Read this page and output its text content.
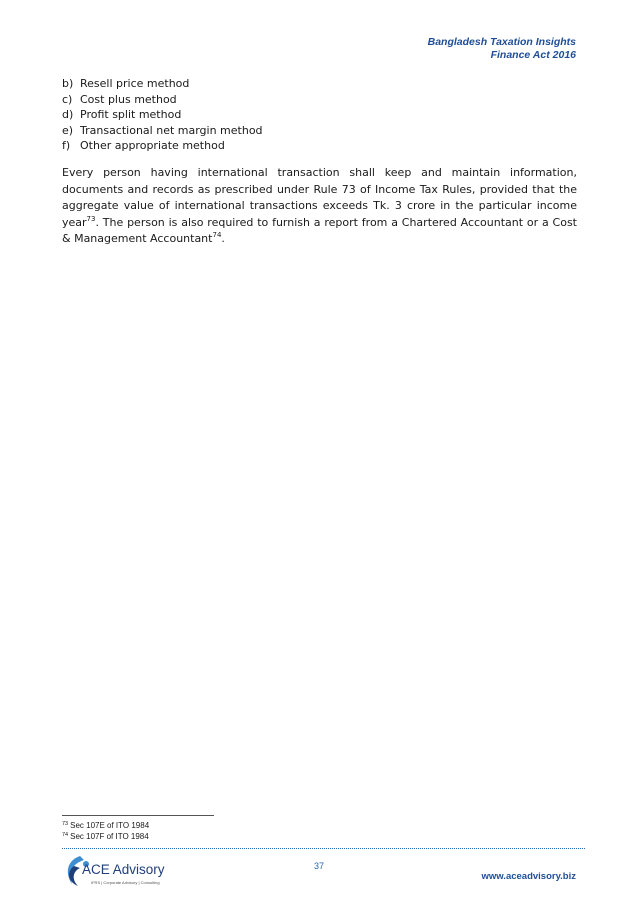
Bangladesh Taxation Insights
Finance Act 2016
b) Resell price method
c) Cost plus method
d) Profit split method
e) Transactional net margin method
f) Other appropriate method

Every person having international transaction shall keep and maintain information, documents and records as prescribed under Rule 73 of Income Tax Rules, provided that the aggregate value of international transactions exceeds Tk. 3 crore in the particular income year$^{73}$. The person is also required to furnish a report from a Chartered Accountant or a Cost & Management Accountant$^{74}$.

$^{73}$ Sec 107E of ITO 1984
$^{74}$ Sec 107F of ITO 1984
37
ACE Advisory
IFRS | Corporate Advisory | Consulting
www.aceadvisory.biz
